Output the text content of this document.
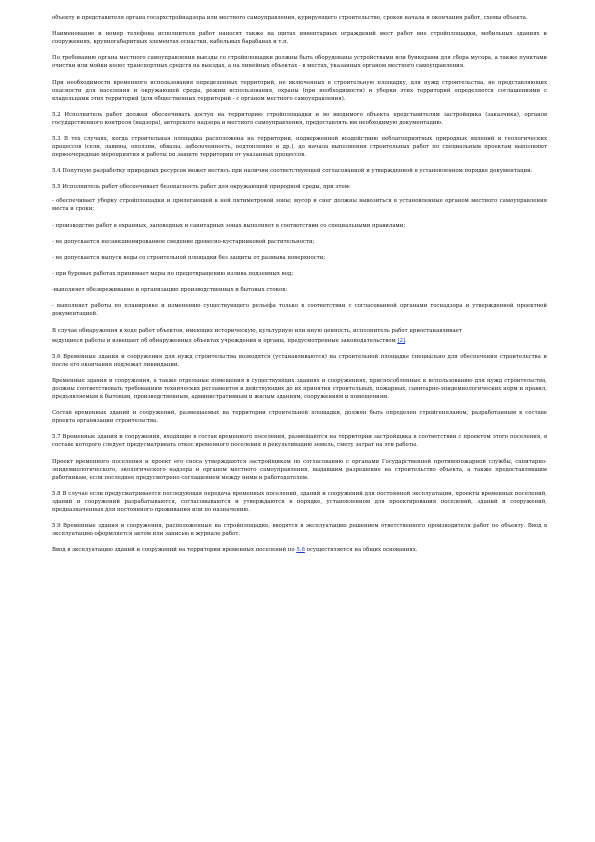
объекту и представителя органа госархстройнадзора или местного самоуправления, курирующего строительство, сроков начала и окончания работ, схемы объекта.

Наименование и номер телефона исполнителя работ наносят также на щитах инвентарных ограждений мест работ вне стройплощадки, мобильных зданиях и сооружениях, крупногабаритных элементах оснастки, кабельных барабанах и т.п.

По требованию органа местного самоуправления выезды со стройплощадки должны быть оборудованы устройствами или бункерами для сбора мусора, а также пунктами очистки или мойки колес транспортных средств на выездах, а на линейных объектах - в местах, указанных органом местного самоуправления.

При необходимости временного использования определенных территорий, не включенных в строительную площадку, для нужд строительства, не представляющих опасности для населения и окружающей среды, режим использования, охраны (при необходимости) и уборки этих территорий определяется соглашениями с владельцами этих территорий (для общественных территорий - с органом местного самоуправления).

5.2 Исполнитель работ должен обеспечивать доступ на территорию стройплощадки и во вводимого объекта представителям застройщика (заказчика), органов государственного контроля (надзора), авторского надзора и местного самоуправления, предоставлять им необходимую документацию.

5.3 В тех случаях, когда строительная площадка расположена на территории, подверженной воздействию неблагоприятных природных явлений и геологических процессов (сели, лавины, оползни, обвалы, заболоченность, подтопление и др.), до начала выполнения строительных работ по специальным проектам выполняют первоочередные мероприятия и работы по защите территории от указанных процессов.

5.4 Попутную разработку природных ресурсов может вестись при наличии соответствующей согласованной и утвержденной в установленном порядке документации.

5.5 Исполнитель работ обеспечивает безопасность работ для окружающей природной среды, при этом:

- обеспечивает уборку стройплощадки и прилегающей к ней пятиметровой зоны; мусор и снег должны вывозиться в установленные органом местного самоуправления места и сроки;

- производство работ в охранных, заповедных и санитарных зонах выполняет в соответствии со специальными правилами;

- не допускается несанкционированное сведение древесно-кустарниковой растительности;

- не допускается выпуск воды со строительной площадки без защиты от размыва поверхности;

- при буровых работах принимает меры по предотвращению излива подземных вод;

-выполняет обезвреживание и организацию производственных и бытовых стоков;

- выполняет работы по планировке и изменению существующего рельефа только в соответствии с согласованной органами госнадзора и утвержденной проектной документацией.

В случае обнаружения в ходе работ объектов, имеющих историческую, культурную или иную ценность, исполнитель работ приостанавливает

ведущиеся работы и извещает об обнаруженных объектах учреждения и органы, предусмотренные законодательством [2].

5.6 Временные здания и сооружения для нужд строительства возводятся (устанавливаются) на строительной площадке специально для обеспечения строительства и после его окончания подлежат ликвидации.

Временные здания и сооружения, а также отдельные помещения в существующих зданиях и сооружениях, приспособленные к использованию для нужд строительства, должны соответствовать требованиям технических регламентов и действующих до их принятия строительных, пожарных, санитарно-эпидемиологических норм и правил, предъявляемым к бытовым, производственным, административным и жилым зданиям, сооружениям и помещениям.

Состав временных зданий и сооружений, размещаемых на территории строительной площадки, должен быть определен стройгенпланом, разработанным в составе проекта организации строительства.

5.7 Временные здания и сооружения, входящие в состав временного поселения, размещаются на территории застройщика в соответствии с проектом этого поселения, в составе которого следует предусматривать откос временного поселения и рекультивацию земель, смету затрат на эти работы.

Проект временного поселения и проект его сноса утверждаются застройщиком по согласованию с органами Государственной противопожарной службы, санитарно-эпидемиологического, экологического надзора и органом местного самоуправления, выдавшим разрешение на строительство объекта, а также предоставлявшим работникам, если последнее предусмотрено соглашением между ними и работодателем.

5.8 В случае если предусматривается последующая передача временных поселений, зданий и сооружений для постоянной эксплуатации, проекты временных поселений, зданий и сооружений разрабатываются, согласовываются и утверждаются в порядке, установленном для проектирования поселений, зданий и сооружений, предназначенных для постоянного проживания или по назначению.

5.9 Временные здания и сооружения, расположенные на стройплощадке, вводятся в эксплуатацию решением ответственного производителя работ по объекту. Ввод в эксплуатацию оформляется актом или записью в журнале работ.

Ввод в эксплуатацию зданий и сооружений на территории временных поселений по 5.8 осуществляется на общих основаниях.
